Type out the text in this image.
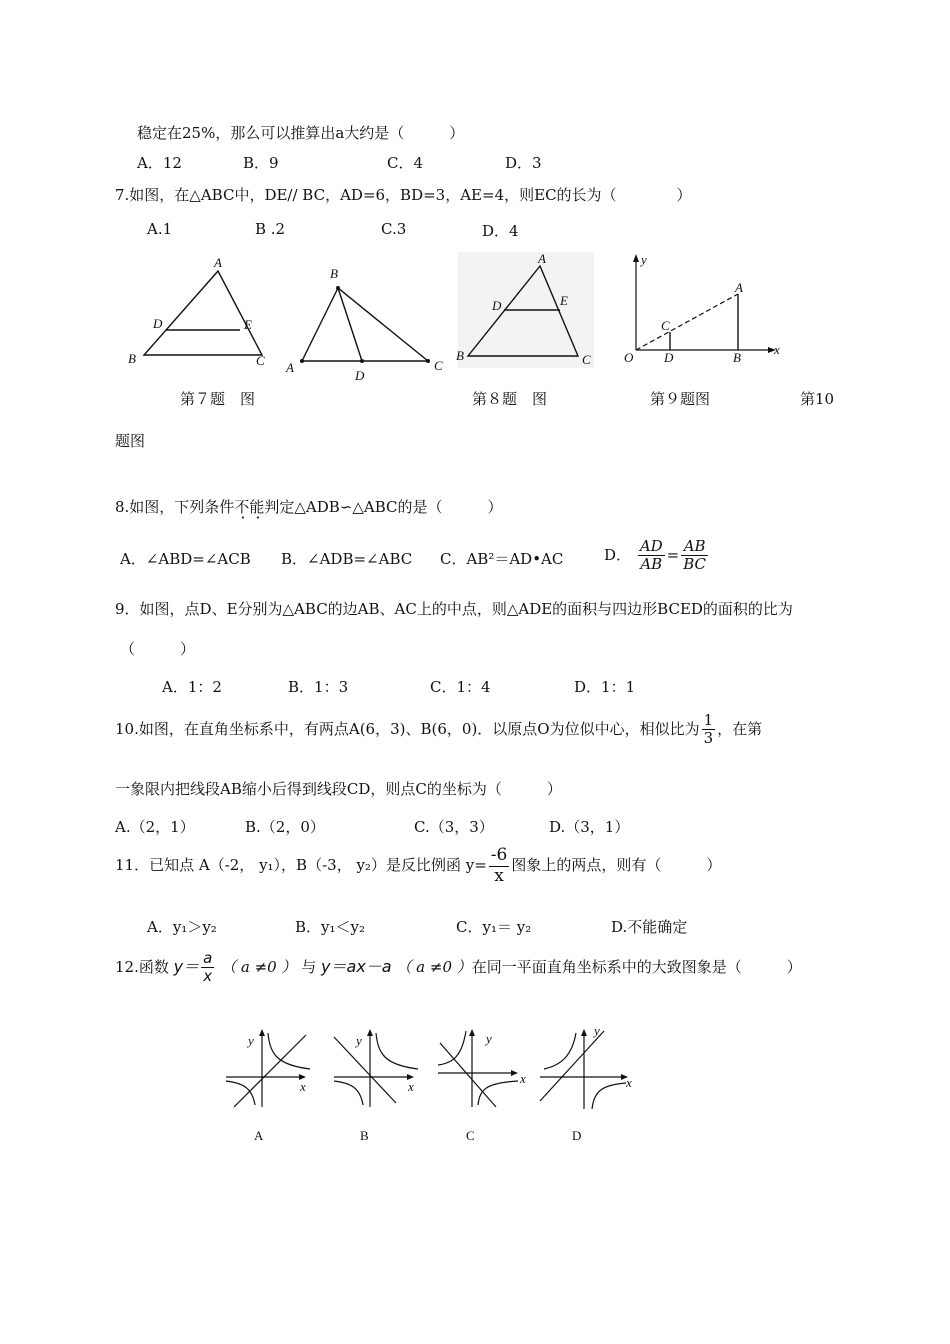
稳定在25%，那么可以推算出a大约是（　　　）
A．12	B．9	C．4	D．3
7.如图，在△ABC中，DE// BC，AD=6，BD=3，AE=4，则EC的长为（　　　　）
A.1	B .2	C.3	D．4
A
D	E
B	C
B
A
D
C
A
D	E
B	C
y
A
C
O D	B
x
第７题　图	第８题　图	第９题图	第10
题图
8.如图，下列条件不能判定△ADB∽△ABC的是（　　　）
A．∠ABD=∠ACB B．∠ADB=∠ABC C．AB²＝AD•AC	D． $\frac{AD}{AB} = \frac{AB}{BC}$
9．如图，点D、E分别为△ABC的边AB、AC上的中点，则△ADE的面积与四边形BCED的面积的比为
（　　　）
A．1：2	B．1：3	C．1：4	D．1：1
10.如图，在直角坐标系中，有两点A(6，3)、B(6，0)．以原点O为位似中心，相似比为 $\frac{1}{3}$ ，在第
一象限内把线段AB缩小后得到线段CD，则点C的坐标为（　　　）
A.（2，1）	B.（2，0）	C.（3，3）	D.（3，1）
11．已知点 A（-2， y₁），B（-3， y₂）是反比例函 $y= \frac{-6}{x}$ 图象上的两点，则有（　　　）
A．y₁＞y₂	B．y₁＜y₂	C．y₁＝ y₂	D.不能确定
12.函数 $y= \frac{a}{x}$ （ a ≠0 ） 与 y＝ax－a （ a ≠0 ）在同一平面直角坐标系中的大致图象是（　　　）
y
x
y
x
y
x
y
x
A	B	C	D
